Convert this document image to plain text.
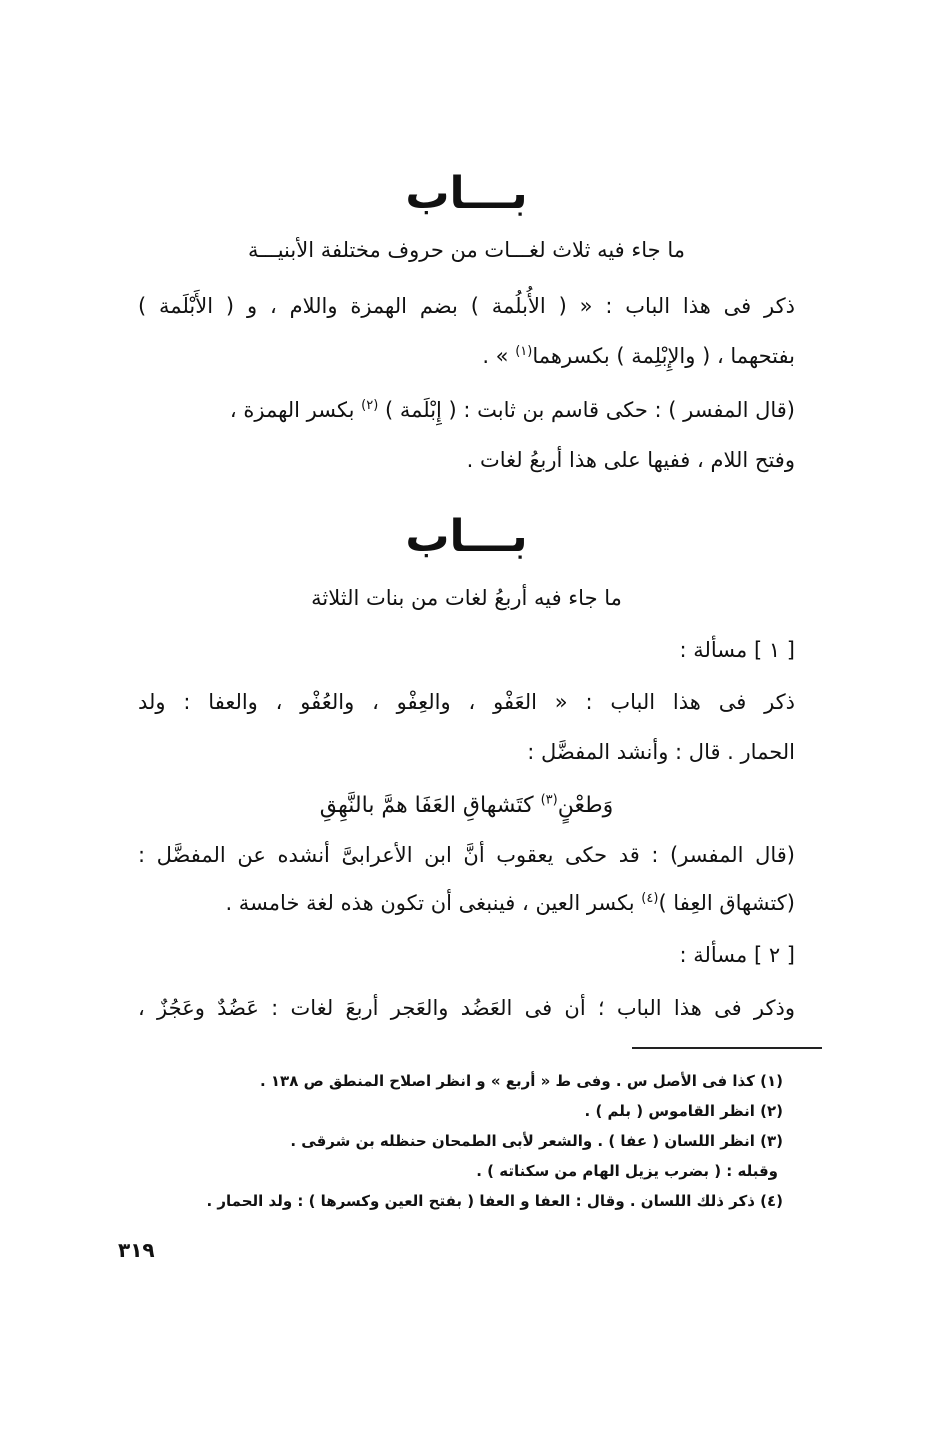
بـــاب
ما جاء فيه ثلاث لغـــات من حروف مختلفة الأبنيـــة
ذكر فى هذا الباب : « ( الأُبلُمة ) بضم الهمزة واللام ، و ( الأَبْلَمة )
بفتحهما ، ( والإِبْلِمة ) بكسرهما$^{(١)}$ » .
(قال المفسر ) : حكى قاسم بن ثابت : ( إِبْلَمة ) $^{(٢)}$ بكسر الهمزة ،
وفتح اللام ، ففيها على هذا أربعُ لغات .
بـــاب
ما جاء فيه أربعُ لغات من بنات الثلاثة
[ ١ ] مسألة :
ذكر فى هذا الباب : « العَفْو ، والعِفْو ، والعُفْو ، والعفا : ولد
الحمار . قال : وأنشد المفضَّل :
وَطعْنٍ$^{(٣)}$ كتَشهاقِ العَفَا همَّ بالنَّهِقِ
(قال المفسر) : قد حكى يعقوب أنَّ ابن الأعرابىَّ أنشده عن المفضَّل :
(كتشهاق العِفا )$^{(٤)}$ بكسر العين ، فينبغى أن تكون هذه لغة خامسة .
[ ٢ ] مسألة :
وذكر فى هذا الباب ؛ أن فى العَضُد والعَجر أربعَ لغات : عَضُدٌ وعَجُزٌ ،
(١) كذا فى الأصل س . وفى ط « أربع » و انظر اصلاح المنطق ص ١٣٨ .
(٢) انظر القاموس ( بلم ) .
(٣) انظر اللسان ( عفا ) . والشعر لأبى الطمحان حنظله بن شرقى .
وقبله : ( بضرب يزيل الهام من سكناته ) .
(٤) ذكر ذلك اللسان . وقال : العفا و العفا ( بفتح العين وكسرها ) : ولد الحمار .
٣١٩
